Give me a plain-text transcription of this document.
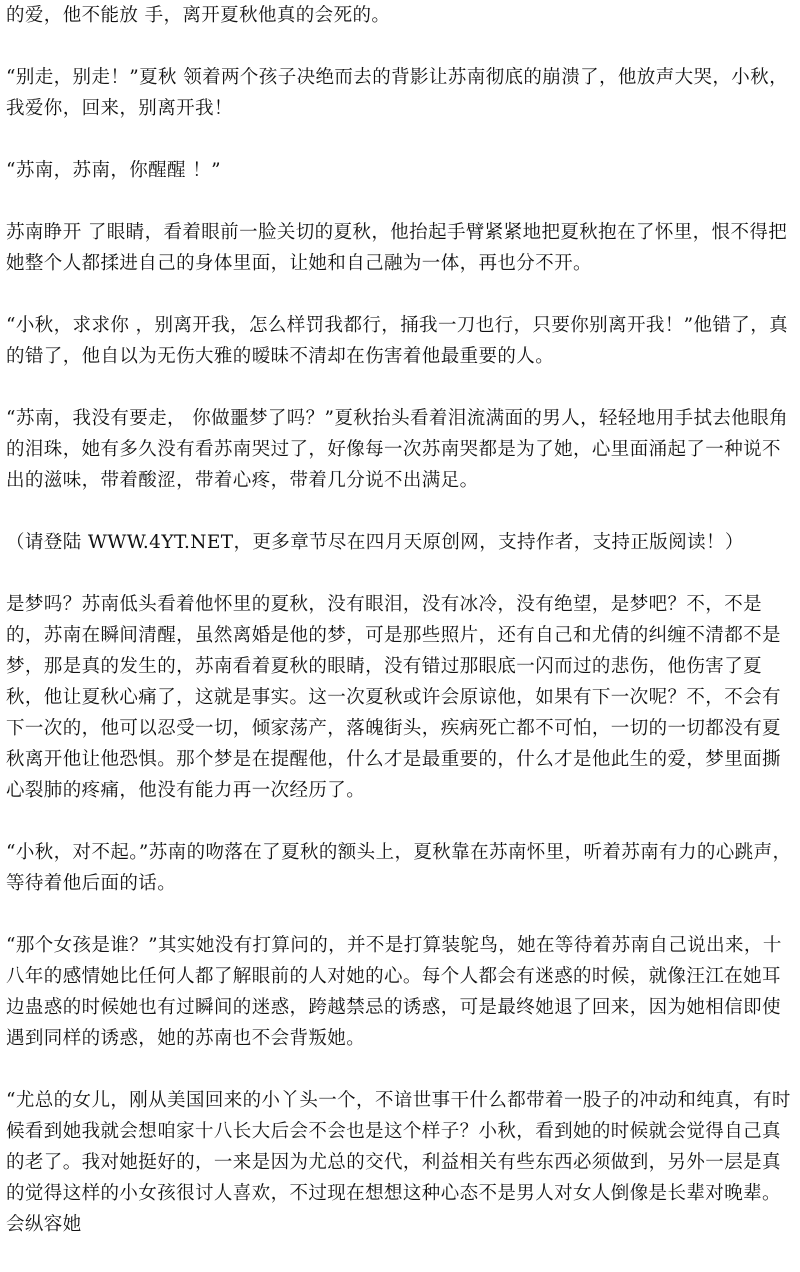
的爱，他不能放 手，离开夏秋他真的会死的。

“别走，别走！”夏秋 领着两个孩子决绝而去的背影让苏南彻底的崩溃了，他放声大哭，小秋，我爱你，回来，别离开我！

“苏南，苏南，你醒醒 ！”

苏南睁开 了眼睛，看着眼前一脸关切的夏秋，他抬起手臂紧紧地把夏秋抱在了怀里，恨不得把她整个人都揉进自己的身体里面，让她和自己融为一体，再也分不开。

“小秋，求求你 ，别离开我，怎么样罚我都行，捅我一刀也行，只要你别离开我！”他错了，真的错了，他自以为无伤大雅的暧昧不清却在伤害着他最重要的人。

“苏南，我没有要走， 你做噩梦了吗？”夏秋抬头看着泪流满面的男人，轻轻地用手拭去他眼角的泪珠，她有多久没有看苏南哭过了，好像每一次苏南哭都是为了她，心里面涌起了一种说不出的滋味，带着酸涩，带着心疼，带着几分说不出满足。

（请登陆 WWW.4YT.NET，更多章节尽在四月天原创网，支持作者，支持正版阅读！）

是梦吗？苏南低头看着他怀里的夏秋，没有眼泪，没有冰冷，没有绝望，是梦吧？不，不是的，苏南在瞬间清醒，虽然离婚是他的梦，可是那些照片，还有自己和尤倩的纠缠不清都不是梦，那是真的发生的，苏南看着夏秋的眼睛，没有错过那眼底一闪而过的悲伤，他伤害了夏秋，他让夏秋心痛了，这就是事实。这一次夏秋或许会原谅他，如果有下一次呢？不，不会有下一次的，他可以忍受一切，倾家荡产，落魄街头，疾病死亡都不可怕，一切的一切都没有夏秋离开他让他恐惧。那个梦是在提醒他，什么才是最重要的，什么才是他此生的爱，梦里面撕心裂肺的疼痛，他没有能力再一次经历了。

“小秋，对不起。”苏南的吻落在了夏秋的额头上，夏秋靠在苏南怀里，听着苏南有力的心跳声，等待着他后面的话。

“那个女孩是谁？”其实她没有打算问的，并不是打算装鸵鸟，她在等待着苏南自己说出来，十八年的感情她比任何人都了解眼前的人对她的心。每个人都会有迷惑的时候，就像汪江在她耳边蛊惑的时候她也有过瞬间的迷惑，跨越禁忌的诱惑，可是最终她退了回来，因为她相信即使遇到同样的诱惑，她的苏南也不会背叛她。

“尤总的女儿，刚从美国回来的小丫头一个，不谙世事干什么都带着一股子的冲动和纯真，有时候看到她我就会想咱家十八长大后会不会也是这个样子？小秋，看到她的时候就会觉得自己真的老了。我对她挺好的，一来是因为尤总的交代，利益相关有些东西必须做到，另外一层是真的觉得这样的小女孩很讨人喜欢，不过现在想想这种心态不是男人对女人倒像是长辈对晚辈。会纵容她
